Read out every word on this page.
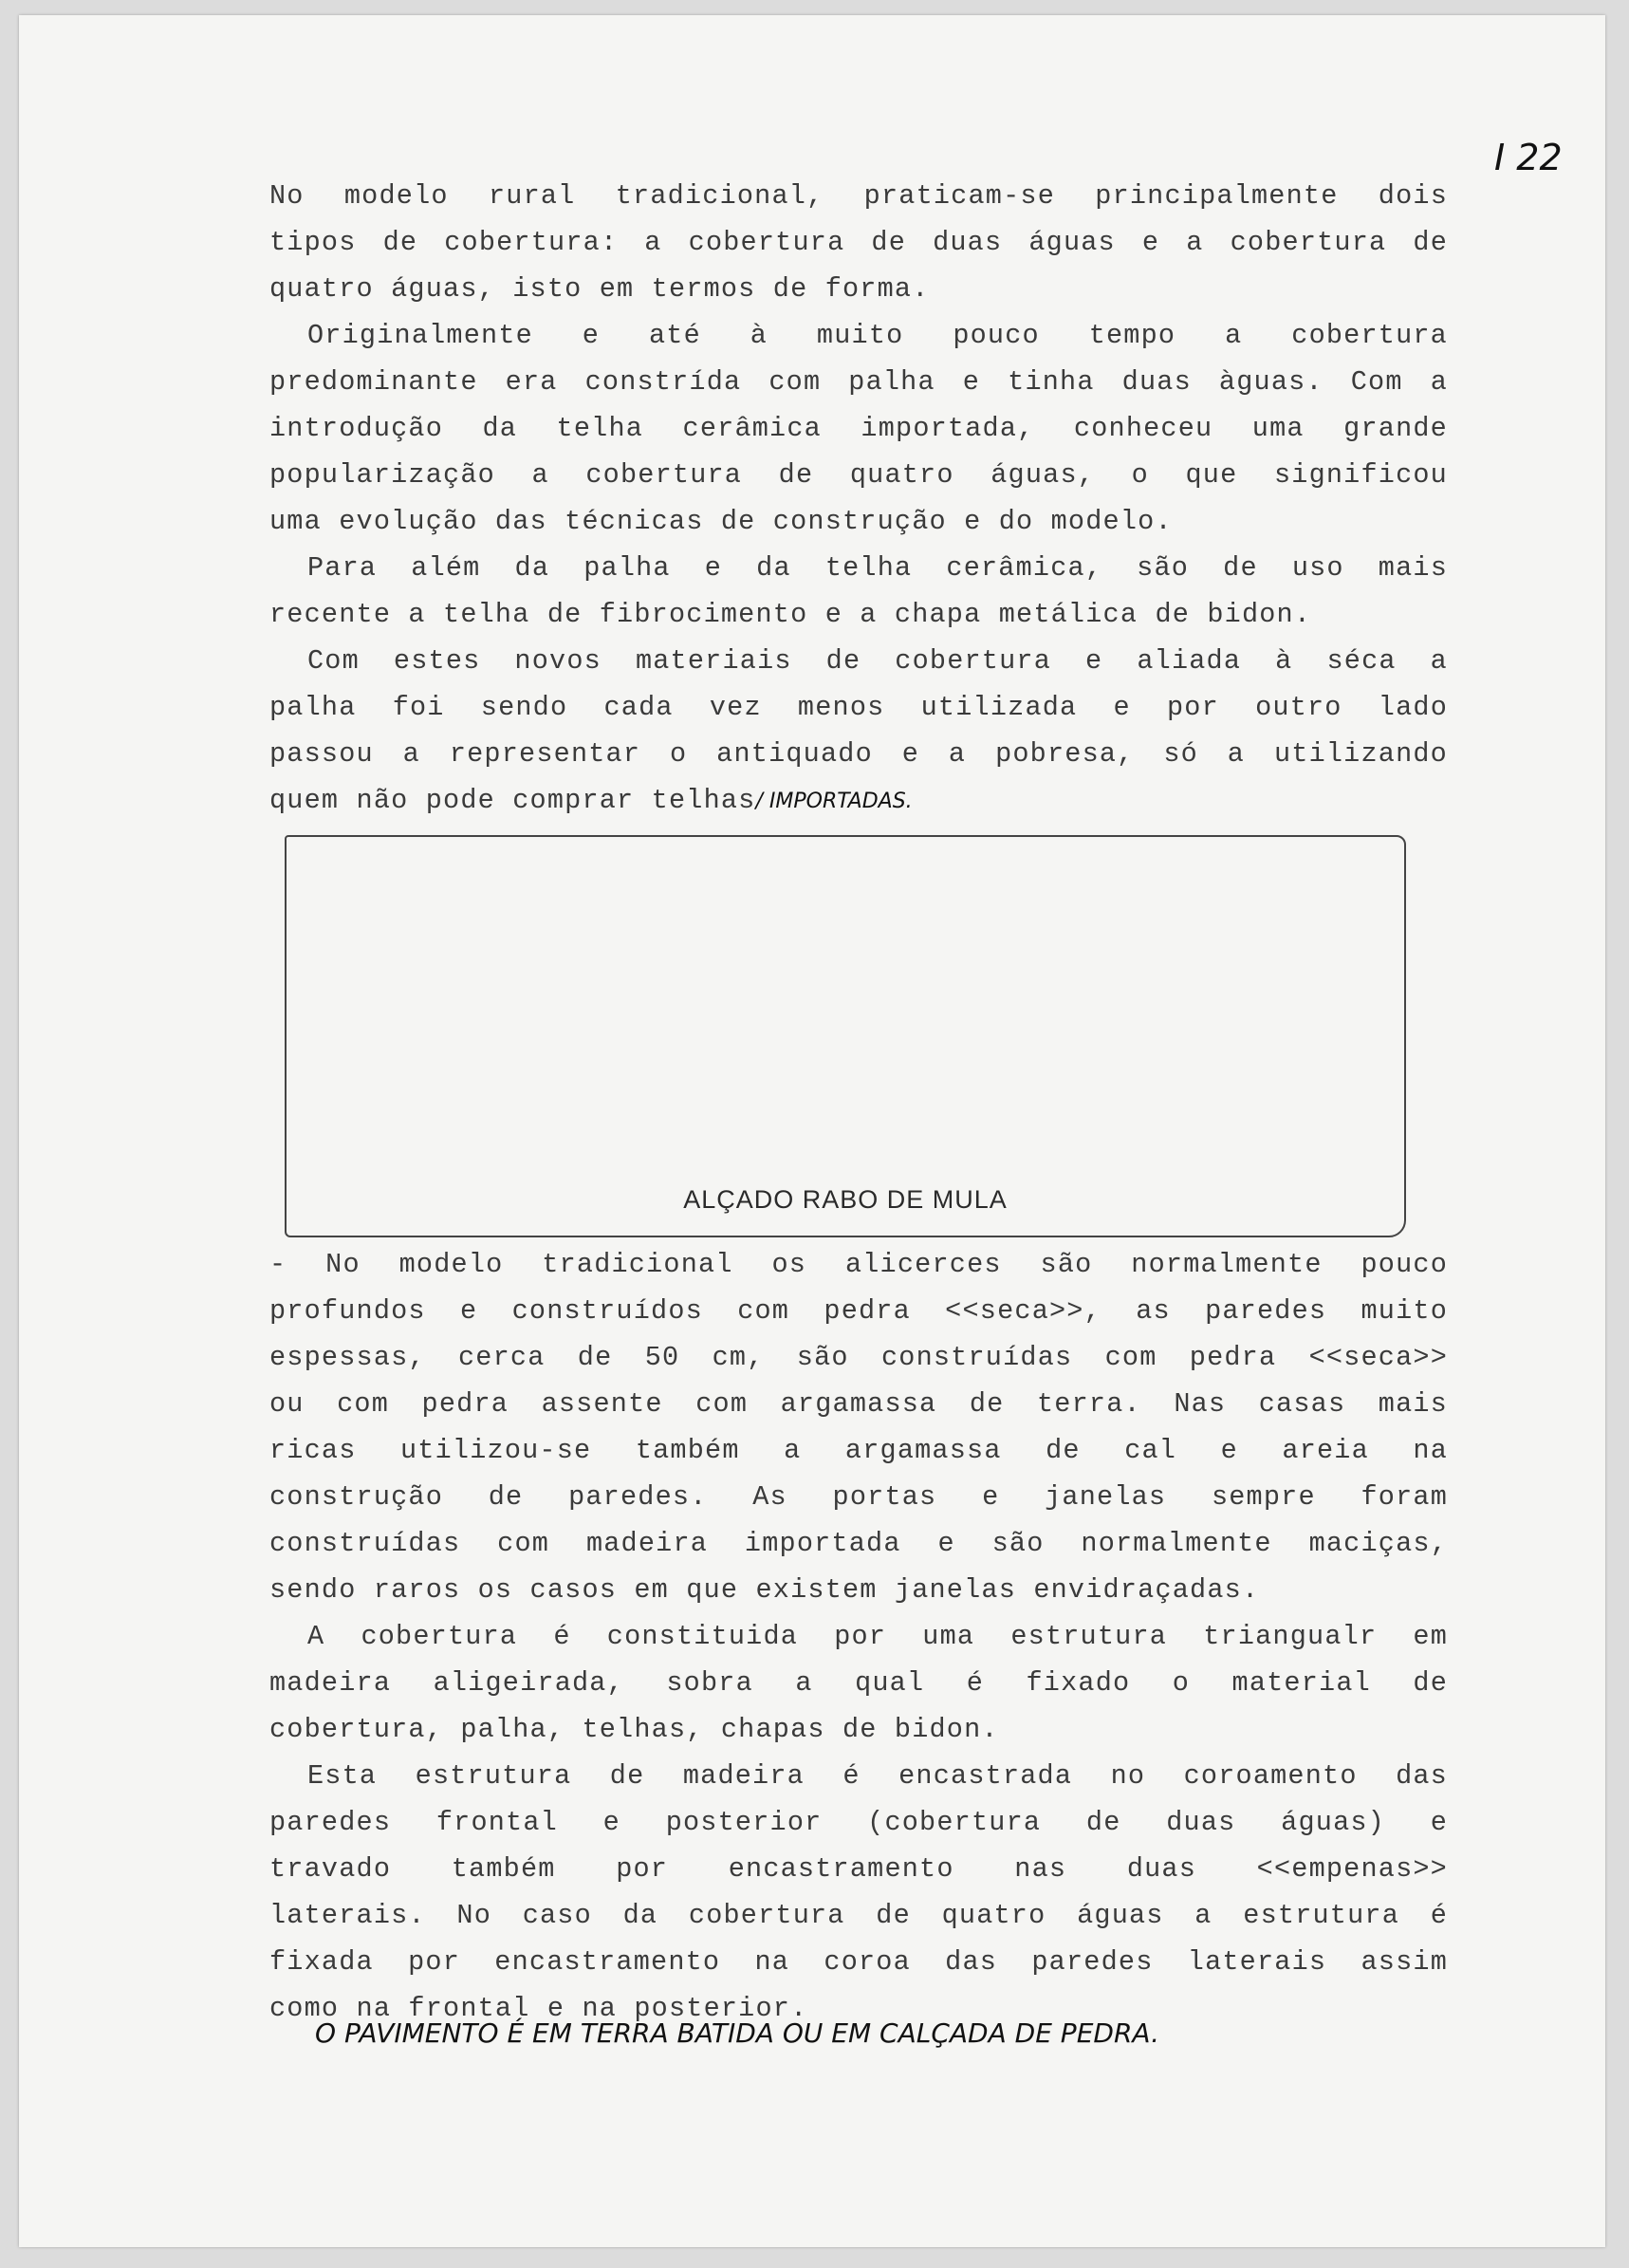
I 22
No modelo rural tradicional, praticam-se principalmente dois
tipos de cobertura: a cobertura de duas águas e a cobertura de
quatro águas, isto em termos de forma.
Originalmente e até à muito pouco tempo a cobertura
predominante era constrída com palha e tinha duas àguas. Com a
introdução da telha cerâmica importada, conheceu uma grande
popularização a cobertura de quatro águas, o que significou
uma evolução das técnicas de construção e do modelo.
Para além da palha e da telha cerâmica, são de uso mais
recente a telha de fibrocimento e a chapa metálica de bidon.
Com estes novos materiais de cobertura e aliada à séca a
palha foi sendo cada vez menos utilizada e por outro lado
passou a representar o antiquado e a pobresa, só a utilizando
quem não pode comprar telhas/ IMPORTADAS.
ALÇADO RABO DE MULA
- No modelo tradicional os alicerces são normalmente pouco
profundos e construídos com pedra <<seca>>, as paredes muito
espessas, cerca de 50 cm, são construídas com pedra <<seca>>
ou com pedra assente com argamassa de terra. Nas casas mais
ricas utilizou-se também a argamassa de cal e areia na
construção de paredes. As portas e janelas sempre foram
construídas com madeira importada e são normalmente maciças,
sendo raros os casos em que existem janelas envidraçadas.
A cobertura é constituida por uma estrutura triangualr em
madeira aligeirada, sobra a qual é fixado o material de
cobertura, palha, telhas, chapas de bidon.
Esta estrutura de madeira é encastrada no coroamento das
paredes frontal e posterior (cobertura de duas águas) e
travado também por encastramento nas duas <<empenas>>
laterais. No caso da cobertura de quatro águas a estrutura é
fixada por encastramento na coroa das paredes laterais assim
como na frontal e na posterior.
O PAVIMENTO É EM TERRA BATIDA OU EM CALÇADA DE PEDRA.
